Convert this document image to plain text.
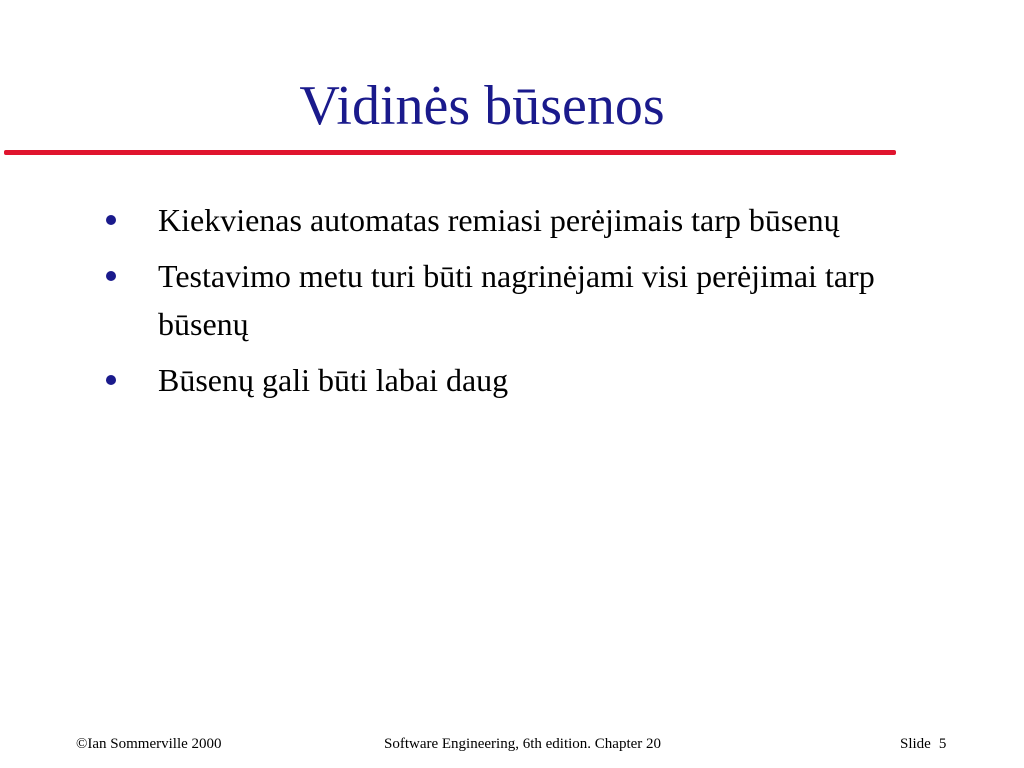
Vidinės būsenos
Kiekvienas automatas remiasi perėjimais tarp būsenų
Testavimo metu turi būti nagrinėjami visi perėjimai tarp būsenų
Būsenų gali būti labai daug
©Ian Sommerville 2000	Software Engineering, 6th edition. Chapter 20	Slide 5
